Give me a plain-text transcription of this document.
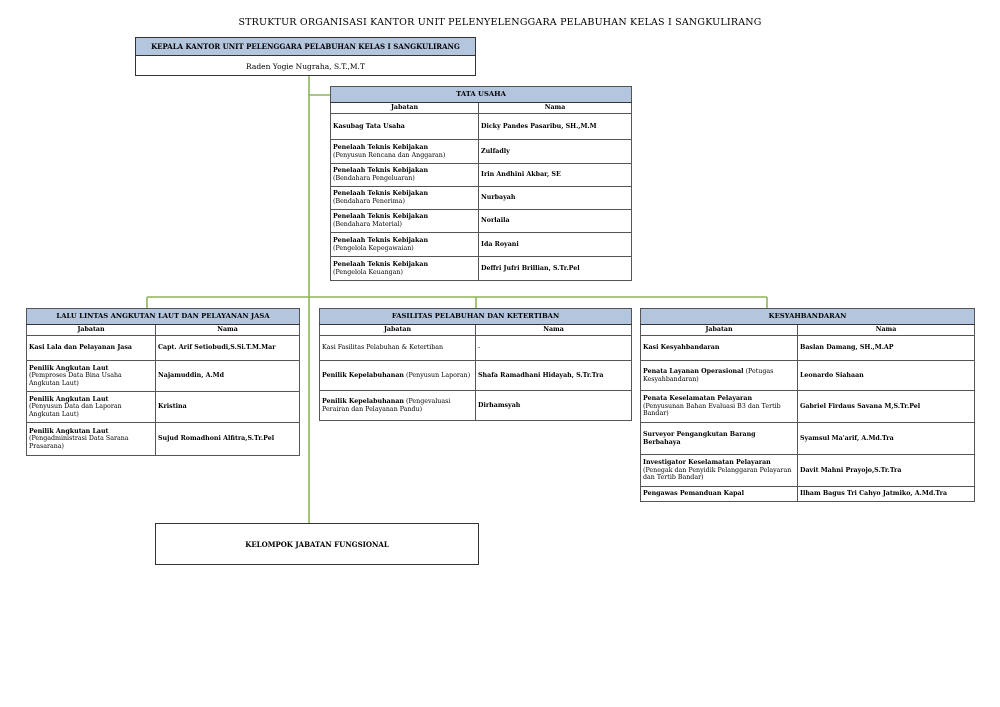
STRUKTUR ORGANISASI KANTOR UNIT PELENYELENGGARA PELABUHAN KELAS I SANGKULIRANG
KEPALA KANTOR UNIT PELENGGARA PELABUHAN KELAS I SANGKULIRANG
Raden Yogie Nugraha, S.T.,M.T
TATA USAHA	
Jabatan	Nama

Kasubag Tata Usaha	Dicky Pandes Pasaribu, SH.,M.M

Penelaah Teknis Kebijakan
(Penyusun Rencana dan Anggaran)	Zulfadly

Penelaah Teknis Kebijakan
(Bendahara Pengeluaran)	Irin Andhini Akbar, SE

Penelaah Teknis Kebijakan
(Bendahara Penerima)	Nurbayah

Penelaah Teknis Kebijakan
(Bendahara Material)	Norlaila

Penelaah Teknis Kebijakan
(Pengelola Kepegawaian)	Ida Royani

Penelaah Teknis Kebijakan
(Pengelola Keuangan)	Deffri Jufri Brillian, S.Tr.Pel
LALU LINTAS ANGKUTAN LAUT DAN PELAYANAN JASA	
Jabatan	Nama

Kasi Lala dan Pelayanan Jasa	Capt. Arif Setiobudi,S.Si.T.M.Mar

Penilik Angkutan Laut
(Pemproses Data Bina Usaha Angkutan Laut)	Najamuddin, A.Md

Penilik Angkutan Laut
(Penyusun Data dan Laporan Angkutan Laut)	Kristina

Penilik Angkutan Laut
(Pengadministrasi Data Sarana Prasarana)	Sujud Romadhoni Alfitra,S.Tr.Pel
FASILITAS PELABUHAN DAN KETERTIBAN	
Jabatan	Nama

Kasi Fasilitas Pelabuhan & Ketertiban	-
Penilik Kepelabuhanan (Penyusun Laporan)	Shafa Ramadhani Hidayah, S.Tr.Tra
Penilik Kepelabuhanan (Pengevaluasi Perairan dan Pelayanan Pandu)	Dirhamsyah
KESYAHBANDARAN	
Jabatan	Nama

Kasi Kesyahbandaran	Baslan Damang, SH.,M.AP
Penata Layanan Operasional (Petugas Kesyahbandaran)	Leonardo Siahaan

Penata Keselamatan Pelayaran
(Penyusunan Bahan Evaluasi B3 dan Tertib Bandar)	Gabriel Firdaus Savana M,S.Tr.Pel

Surveyor Pengangkutan Barang Berbahaya	Syamsul Ma'arif, A.Md.Tra

Investigator Keselamatan Pelayaran
(Penegak dan Penyidik Pelanggaran Pelayaran dan Tertib Bandar)	Davit Mahni Prayojo,S.Tr.Tra

Pengawas Pemanduan Kapal	Ilham Bagus Tri Cahyo Jatmiko, A.Md.Tra
KELOMPOK JABATAN FUNGSIONAL
